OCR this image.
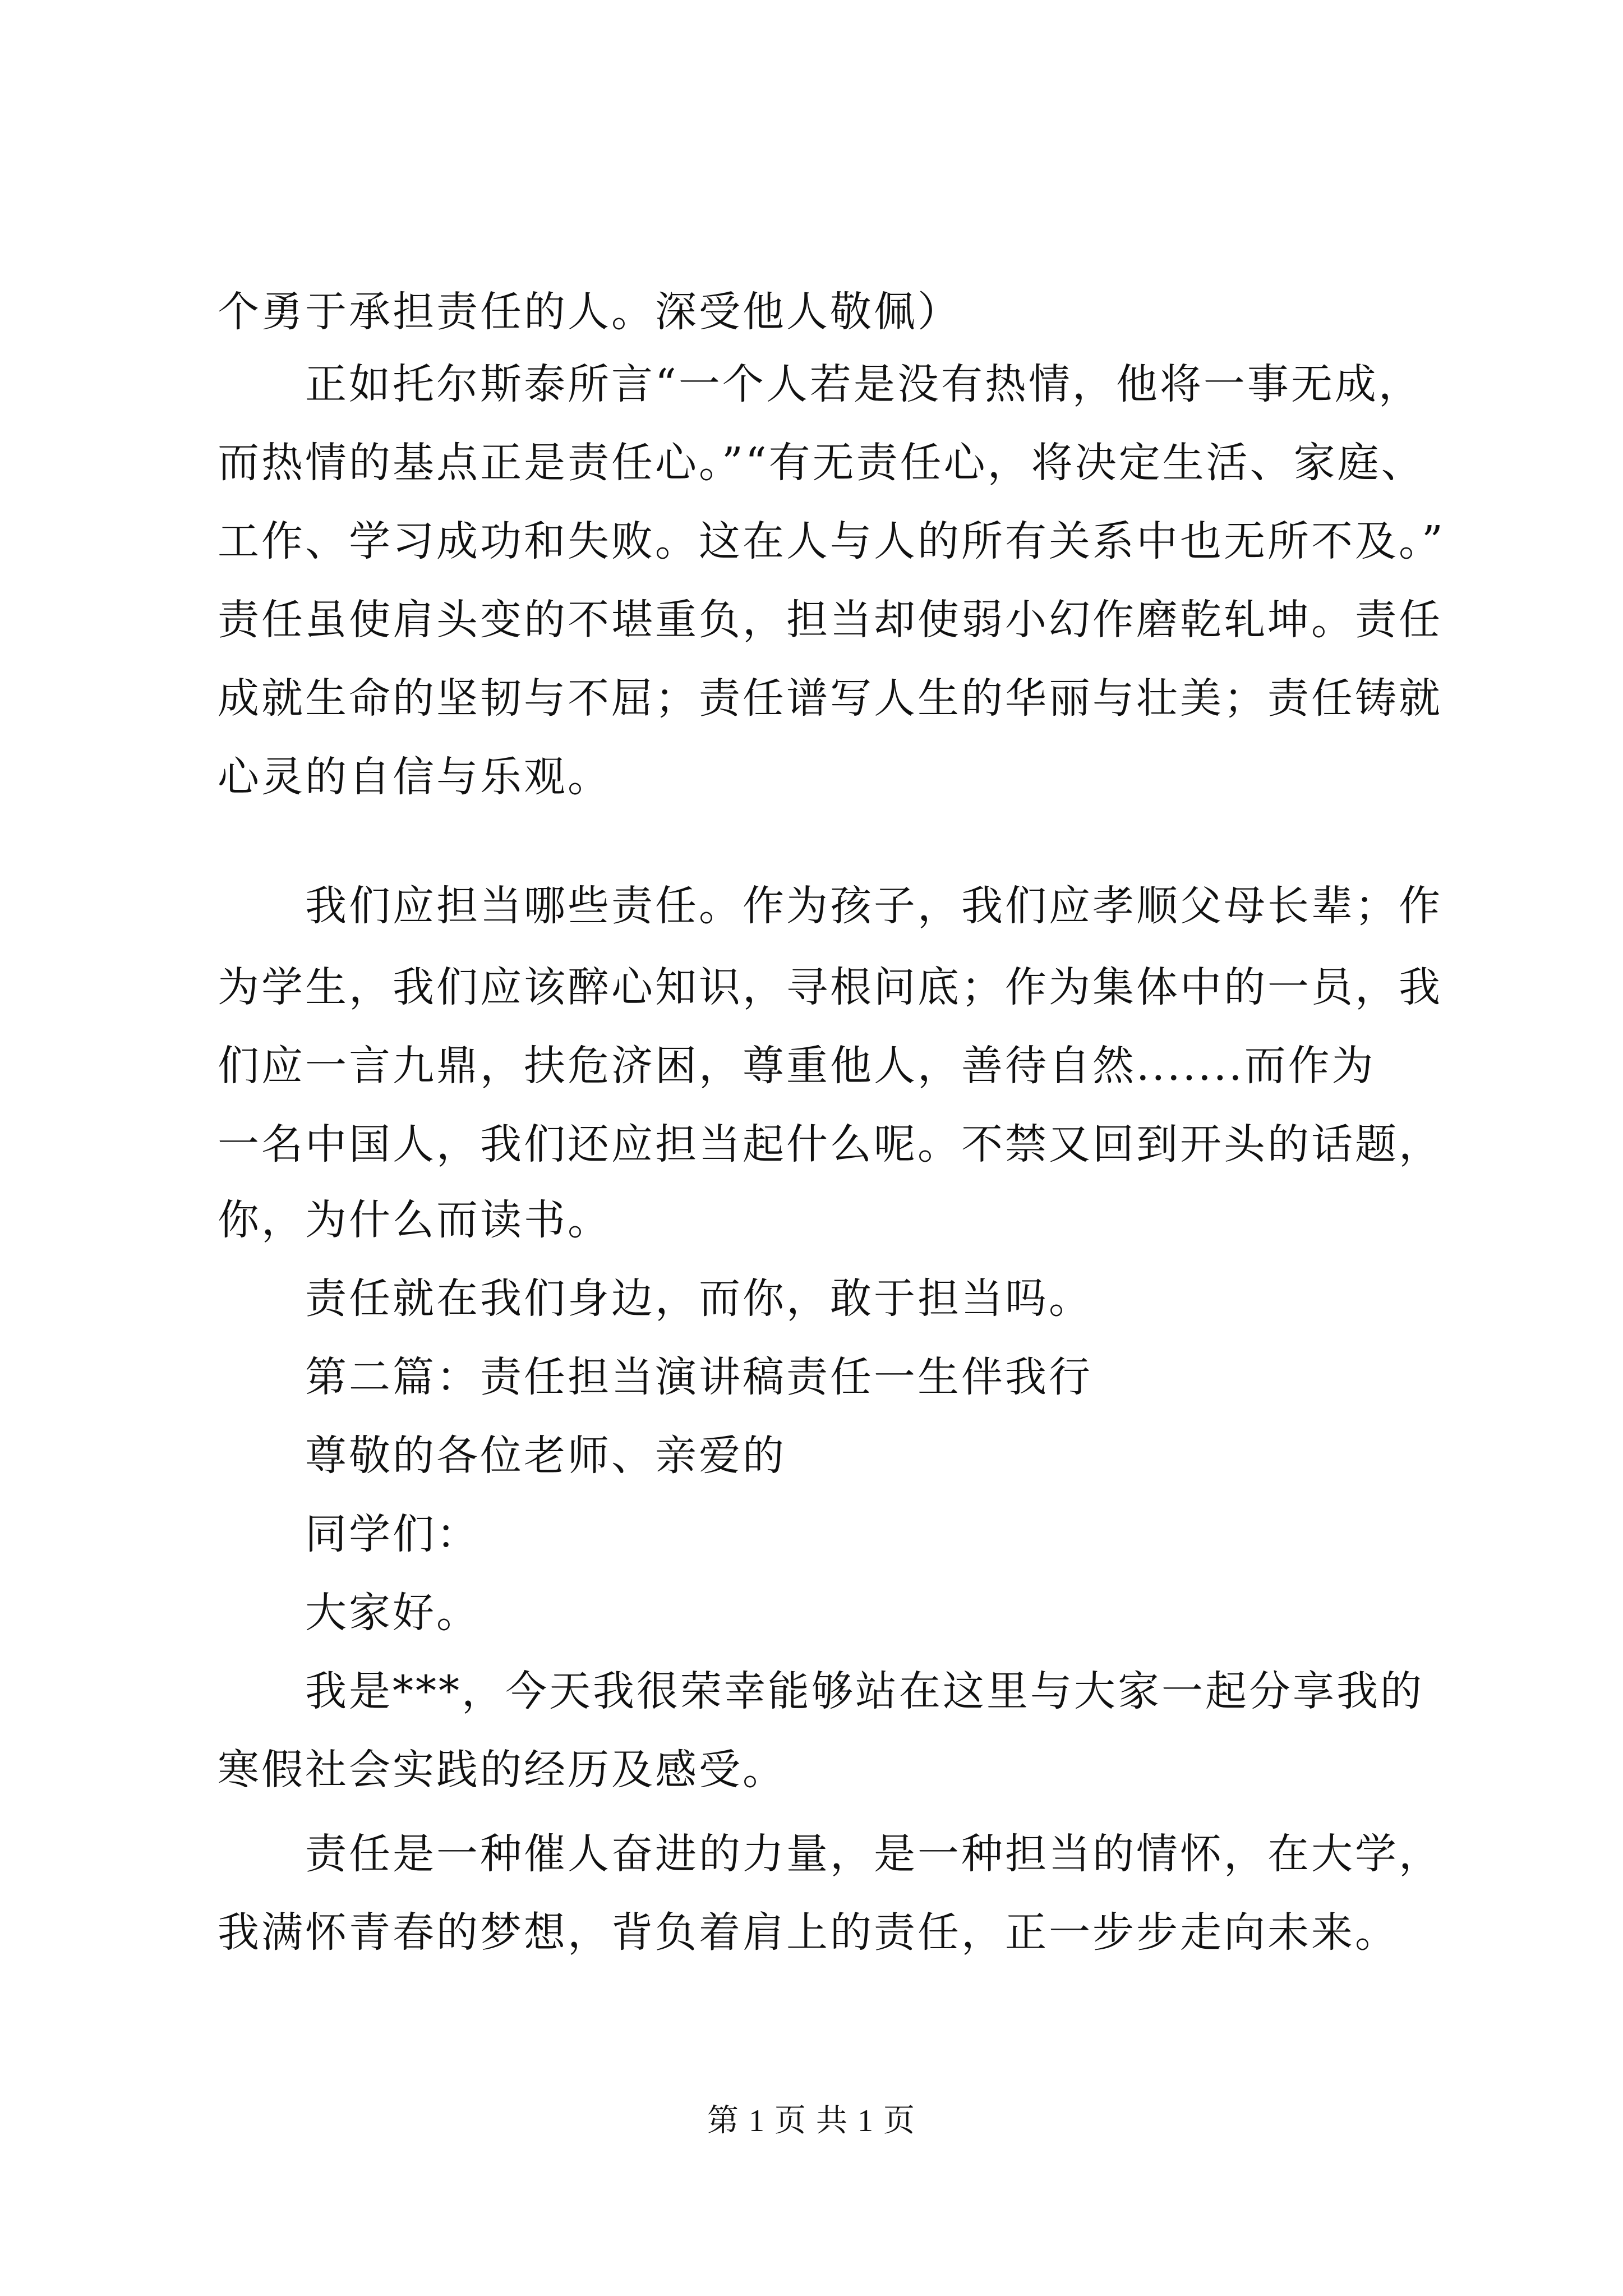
个勇于承担责任的人。深受他人敬佩）
正如托尔斯泰所言“一个人若是没有热情，他将一事无成，
而热情的基点正是责任心。”“有无责任心，将决定生活、家庭、
工作、学习成功和失败。这在人与人的所有关系中也无所不及。”
责任虽使肩头变的不堪重负，担当却使弱小幻作磨乾轧坤。责任
成就生命的坚韧与不屈；责任谱写人生的华丽与壮美；责任铸就
心灵的自信与乐观。
我们应担当哪些责任。作为孩子，我们应孝顺父母长辈；作
为学生，我们应该醉心知识，寻根问底；作为集体中的一员，我
们应一言九鼎，扶危济困，尊重他人，善待自然.......而作为
一名中国人，我们还应担当起什么呢。不禁又回到开头的话题，
你，为什么而读书。
责任就在我们身边，而你，敢于担当吗。
第二篇：责任担当演讲稿责任一生伴我行
尊敬的各位老师、亲爱的
同学们：
大家好。
我是***，今天我很荣幸能够站在这里与大家一起分享我的
寒假社会实践的经历及感受。
责任是一种催人奋进的力量，是一种担当的情怀，在大学，
我满怀青春的梦想，背负着肩上的责任，正一步步走向未来。
第 1 页 共 1 页
